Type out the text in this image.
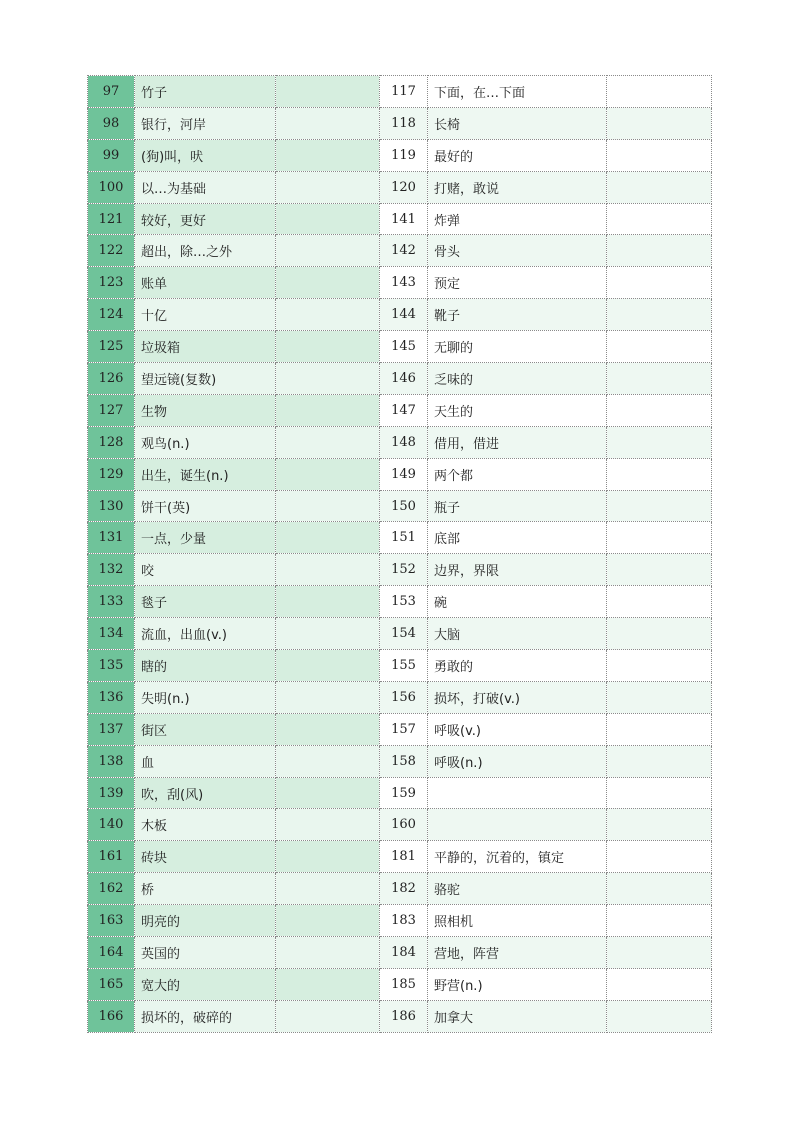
97	竹子		117	下面，在…下面	
98	银行，河岸		118	长椅	
99	(狗)叫，吠		119	最好的	
100	以…为基础		120	打赌，敢说	
121	较好，更好		141	炸弹	
122	超出，除…之外		142	骨头	
123	账单		143	预定	
124	十亿		144	靴子	
125	垃圾箱		145	无聊的	
126	望远镜(复数)		146	乏味的	
127	生物		147	天生的	
128	观鸟(n.)		148	借用，借进	
129	出生，诞生(n.)		149	两个都	
130	饼干(英)		150	瓶子	
131	一点，少量		151	底部	
132	咬		152	边界，界限	
133	毯子		153	碗	
134	流血，出血(v.)		154	大脑	
135	瞎的		155	勇敢的	
136	失明(n.)		156	损坏，打破(v.)	
137	街区		157	呼吸(v.)	
138	血		158	呼吸(n.)	
139	吹，刮(风)		159		
140	木板		160		
161	砖块		181	平静的，沉着的，镇定	
162	桥		182	骆驼	
163	明亮的		183	照相机	
164	英国的		184	营地，阵营	
165	宽大的		185	野营(n.)	
166	损坏的，破碎的		186	加拿大	
